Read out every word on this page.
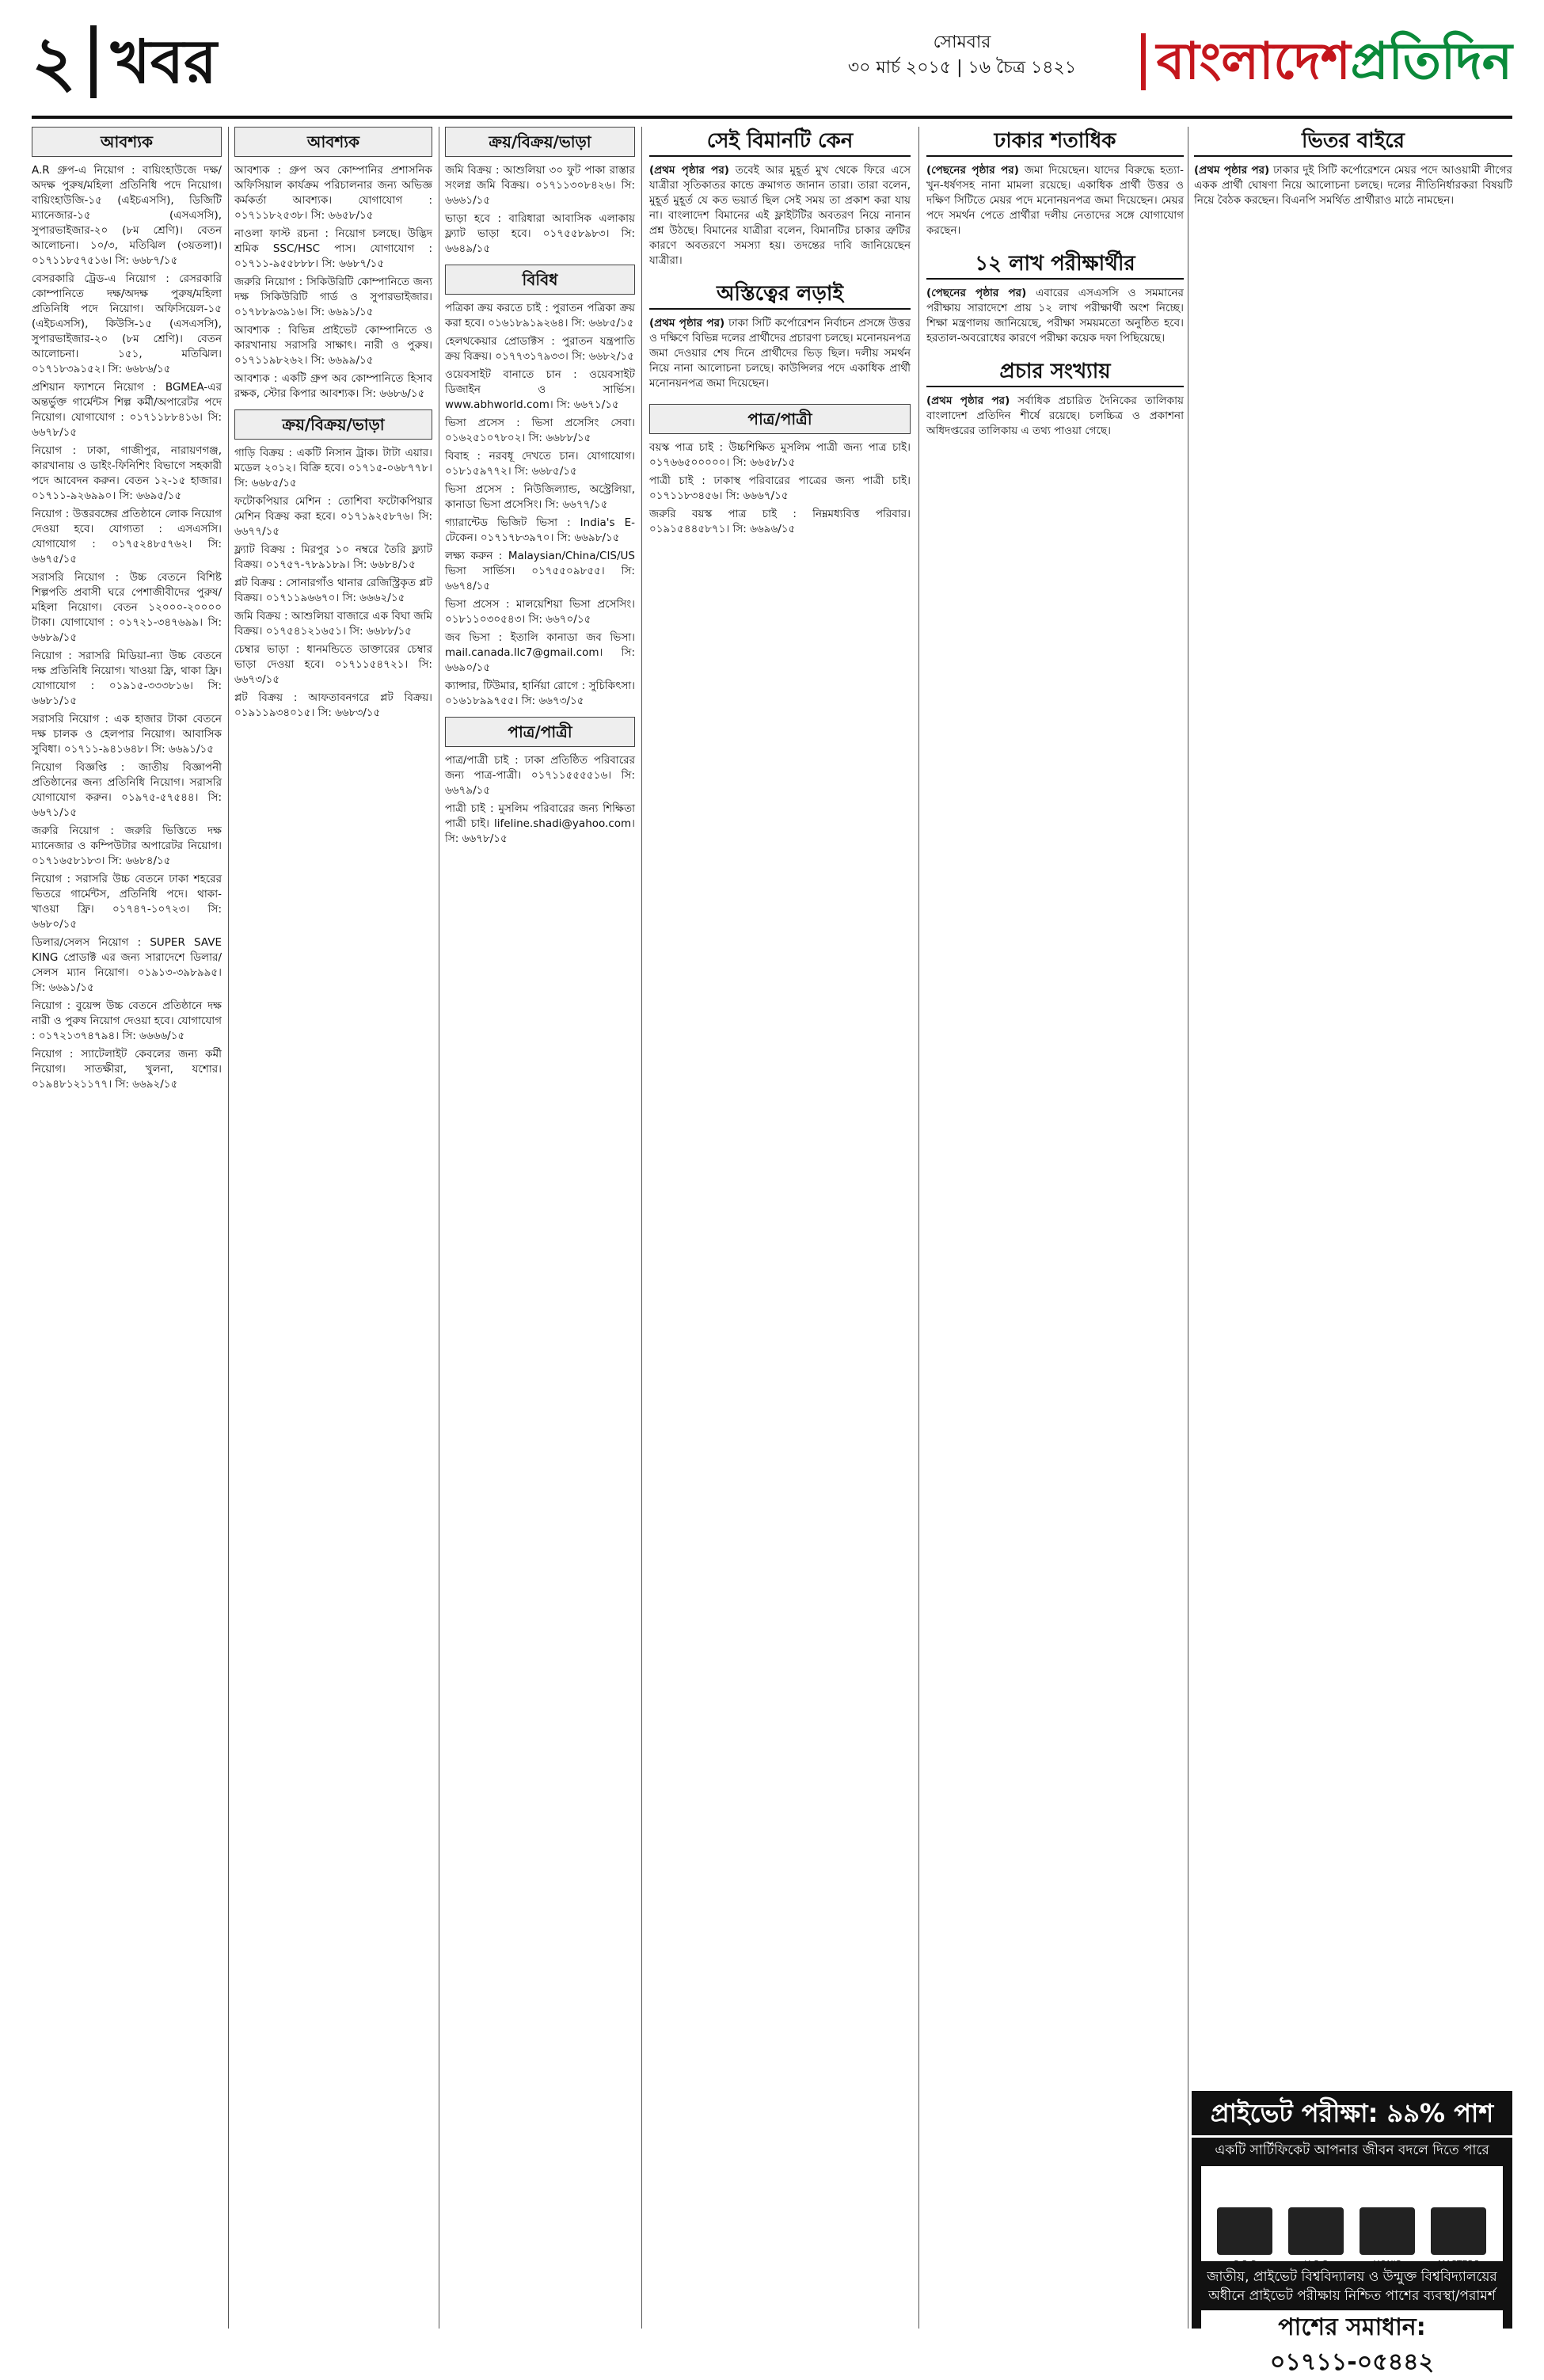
২ খবর	সোমবার
৩০ মার্চ ২০১৫ | ১৬ চৈত্র ১৪২১	বাংলাদেশপ্রতিদিন
আবশ্যক

A.R গ্রুপ-এ নিয়োগ : বায়িংহাউজে দক্ষ/অদক্ষ পুরুষ/মহিলা প্রতিনিধি পদে নিয়োগ। বায়িংহাউজি-১৫ (এইচএসসি), ডিজিটি ম্যানেজার-১৫ (এসএসসি), সুপারভাইজার-২০ (৮ম শ্রেণি)। বেতন আলোচনা। ১০/৩, মতিঝিল (৩য়তলা)। ০১৭১১৮৫৭৫১৬। সি: ৬৬৮৭/১৫

বেসরকারি ট্রেড-এ নিয়োগ : রেসরকারি কোম্পানিতে দক্ষ/অদক্ষ পুরুষ/মহিলা প্রতিনিধি পদে নিয়োগ। অফিসিয়েল-১৫ (এইচএসসি), কিউসি-১৫ (এসএসসি), সুপারভাইজার-২০ (৮ম শ্রেণি)। বেতন আলোচনা। ১৫১, মতিঝিল। ০১৭১৮৩৯১৫২। সি: ৬৬৮৬/১৫

প্রশিয়ান ফ্যাশনে নিয়োগ : BGMEA-এর অন্তর্ভুক্ত গার্মেন্টস শিল্প কর্মী/অপারেটর পদে নিয়োগ। যোগাযোগ : ০১৭১১৮৮৪১৬। সি: ৬৬৭৮/১৫

নিয়োগ : ঢাকা, গাজীপুর, নারায়ণগঞ্জ, কারখানায় ও ডাইং-ফিনিশিং বিভাগে সহকারী পদে আবেদন করুন। বেতন ১২-১৫ হাজার। ০১৭১১-৯২৬৯৯০। সি: ৬৬৯৫/১৫

নিয়োগ : উত্তরবঙ্গের প্রতিষ্ঠানে লোক নিয়োগ দেওয়া হবে। যোগ্যতা : এসএসসি। যোগাযোগ : ০১৭৫২৪৮৫৭৬২। সি: ৬৬৭৫/১৫

সরাসরি নিয়োগ : উচ্চ বেতনে বিশিষ্ট শিল্পপতি প্রবাসী ঘরে পেশাজীবীদের পুরুষ/মহিলা নিয়োগ। বেতন ১২০০০-২০০০০ টাকা। যোগাযোগ : ০১৭২১-৩৪৭৬৯৯। সি: ৬৬৮৯/১৫

নিয়োগ : সরাসরি মিডিয়া-ন্যা উচ্চ বেতনে দক্ষ প্রতিনিধি নিয়োগ। খাওয়া ফ্রি, থাকা ফ্রি। যোগাযোগ : ০১৯১৫-৩৩৩৮১৬। সি: ৬৬৮১/১৫

সরাসরি নিয়োগ : এক হাজার টাকা বেতনে দক্ষ চালক ও হেলপার নিয়োগ। আবাসিক সুবিধা। ০১৭১১-৯৪১৬৪৮। সি: ৬৬৯১/১৫

নিয়োগ বিজ্ঞপ্তি : জাতীয় বিজ্ঞাপনী প্রতিষ্ঠানের জন্য প্রতিনিধি নিয়োগ। সরাসরি যোগাযোগ করুন। ০১৯৭৫-৫৭৫৪৪। সি: ৬৬৭১/১৫

জরুরি নিয়োগ : জরুরি ভিত্তিতে দক্ষ ম্যানেজার ও কম্পিউটার অপারেটর নিয়োগ। ০১৭১৬৫৮১৮৩। সি: ৬৬৮৪/১৫

নিয়োগ : সরাসরি উচ্চ বেতনে ঢাকা শহরের ভিতরে গার্মেন্টস, প্রতিনিধি পদে। থাকা-খাওয়া ফ্রি। ০১৭৪৭-১০৭২৩। সি: ৬৬৮০/১৫

ডিলার/সেলস নিয়োগ : SUPER SAVE KING প্রোডাক্ট এর জন্য সারাদেশে ডিলার/সেলস ম্যান নিয়োগ। ০১৯১৩-৩৯৮৯৯৫। সি: ৬৬৯১/১৫

নিয়োগ : বুয়েন্স উচ্চ বেতনে প্রতিষ্ঠানে দক্ষ নারী ও পুরুষ নিয়োগ দেওয়া হবে। যোগাযোগ : ০১৭২১৩৭৪৭৯৪। সি: ৬৬৬৬/১৫

নিয়োগ : স্যাটেলাইট কেবলের জন্য কর্মী নিয়োগ। সাতক্ষীরা, খুলনা, যশোর। ০১৯৪৮১২১১৭৭। সি: ৬৬৯২/১৫

আবশ্যক

আবশ্যক : গ্রুপ অব কোম্পানির প্রশাসনিক অফিসিয়াল কার্যক্রম পরিচালনার জন্য অভিজ্ঞ কর্মকর্তা আবশ্যক। যোগাযোগ : ০১৭১১৮২৫৩৮। সি: ৬৬৫৮/১৫

নাওলা ফাস্ট রচনা : নিয়োগ চলছে। উদ্ভিদ শ্রমিক SSC/HSC পাস। যোগাযোগ : ০১৭১১-৯৫৫৮৮৮। সি: ৬৬৮৭/১৫

জরুরি নিয়োগ : সিকিউরিটি কোম্পানিতে জন্য দক্ষ সিকিউরিটি গার্ড ও সুপারভাইজার। ০১৭৮৮৯৩৯১৬। সি: ৬৬৯১/১৫

আবশ্যক : বিভিন্ন প্রাইভেট কোম্পানিতে ও কারখানায় সরাসরি সাক্ষাৎ। নারী ও পুরুষ। ০১৭১১৯৮২৬২। সি: ৬৬৯৯/১৫

আবশ্যক : একটি গ্রুপ অব কোম্পানিতে হিসাব রক্ষক, স্টোর কিপার আবশ্যক। সি: ৬৬৮৬/১৫

ক্রয়/বিক্রয়/ভাড়া

গাড়ি বিক্রয় : একটি নিসান ট্রাক। টাটা এয়ার। মডেল ২০১২। বিক্রি হবে। ০১৭১৫-০৬৮৭৭৮। সি: ৬৬৮৫/১৫

ফটোকপিয়ার মেশিন : তোশিবা ফটোকপিয়ার মেশিন বিক্রয় করা হবে। ০১৭১৯২৫৮৭৬। সি: ৬৬৭৭/১৫

ফ্ল্যাট বিক্রয় : মিরপুর ১০ নম্বরে তৈরি ফ্ল্যাট বিক্রয়। ০১৭৫৭-৭৮৯১৮৯। সি: ৬৬৮৪/১৫

প্লট বিক্রয় : সোনারগাঁও থানার রেজিস্ট্রিকৃত প্লট বিক্রয়। ০১৭১১৯৬৬৭০। সি: ৬৬৬২/১৫

জমি বিক্রয় : আশুলিয়া বাজারে এক বিঘা জমি বিক্রয়। ০১৭৫৪১২১৬৫১। সি: ৬৬৮৮/১৫

চেম্বার ভাড়া : ধানমন্ডিতে ডাক্তারের চেম্বার ভাড়া দেওয়া হবে। ০১৭১১৫৪৭২১। সি: ৬৬৭৩/১৫

প্লট বিক্রয় : আফতাবনগরে প্লট বিক্রয়। ০১৯১১৯৩৪০১৫। সি: ৬৬৮৩/১৫

ক্রয়/বিক্রয়/ভাড়া

জমি বিক্রয় : আশুলিয়া ৩০ ফুট পাকা রাস্তার সংলগ্ন জমি বিক্রয়। ০১৭১১৩০৮৪২৬। সি: ৬৬৬১/১৫

ভাড়া হবে : বারিধারা আবাসিক এলাকায় ফ্ল্যাট ভাড়া হবে। ০১৭৫৫৮৯৮৩। সি: ৬৬৪৯/১৫

বিবিধ

পত্রিকা ক্রয় করতে চাই : পুরাতন পত্রিকা ক্রয় করা হবে। ০১৬১৮৯১৯২৬৪। সি: ৬৬৮৫/১৫

হেলথকেয়ার প্রোডাক্টস : পুরাতন যন্ত্রপাতি ক্রয় বিক্রয়। ০১৭৭৩১৭৯৩৩। সি: ৬৬৮২/১৫

ওয়েবসাইট বানাতে চান : ওয়েবসাইট ডিজাইন ও সার্ভিস। www.abhworld.com। সি: ৬৬৭১/১৫

ভিসা প্রসেস : ভিসা প্রসেসিং সেবা। ০১৬২৫১০৭৮০২। সি: ৬৬৮৮/১৫

বিবাহ : নরবধূ দেখতে চান। যোগাযোগ। ০১৮১৫৯৭৭২। সি: ৬৬৮৫/১৫

ভিসা প্রসেস : নিউজিল্যান্ড, অস্ট্রেলিয়া, কানাডা ভিসা প্রসেসিং। সি: ৬৬৭৭/১৫

গ্যারান্টেড ভিজিট ভিসা : India's E-টেকেন। ০১৭১৭৮৩৯৭০। সি: ৬৬৯৮/১৫

লক্ষ্য করুন : Malaysian/China/CIS/US ভিসা সার্ভিস। ০১৭৫৫০৯৮৫৫। সি: ৬৬৭৪/১৫

ভিসা প্রসেস : মালয়েশিয়া ভিসা প্রসেসিং। ০১৮১১০৩০৫৪৩। সি: ৬৬৭০/১৫

জব ভিসা : ইতালি কানাডা জব ভিসা। mail.canada.llc7@gmail.com। সি: ৬৬৯০/১৫

ক্যান্সার, টিউমার, হার্নিয়া রোগে : সুচিকিৎসা। ০১৬১৮৯৯৭৫৫। সি: ৬৬৭৩/১৫

পাত্র/পাত্রী

পাত্র/পাত্রী চাই : ঢাকা প্রতিষ্ঠিত পরিবারের জন্য পাত্র-পাত্রী। ০১৭১১৫৫৫৫১৬। সি: ৬৬৭৯/১৫

পাত্রী চাই : মুসলিম পরিবারের জন্য শিক্ষিতা পাত্রী চাই। lifeline.shadi@yahoo.com। সি: ৬৬৭৮/১৫

সেই বিমানটি কেন
(প্রথম পৃষ্ঠার পর) তবেই আর মুহূর্ত মুখ থেকে ফিরে এসে যাত্রীরা সৃতিকাতর কান্ডে ক্রমাগত জানান তারা। তারা বলেন, মুহূর্ত মুহূর্ত যে কত ভয়ার্ত ছিল সেই সময় তা প্রকাশ করা যায় না। বাংলাদেশ বিমানের এই ফ্লাইটটির অবতরণ নিয়ে নানান প্রশ্ন উঠছে। বিমানের যাত্রীরা বলেন, বিমানটির চাকার ত্রুটির কারণে অবতরণে সমস্যা হয়। তদন্তের দাবি জানিয়েছেন যাত্রীরা।
অস্তিত্বের লড়াই
(প্রথম পৃষ্ঠার পর) ঢাকা সিটি কর্পোরেশন নির্বাচন প্রসঙ্গে উত্তর ও দক্ষিণে বিভিন্ন দলের প্রার্থীদের প্রচারণা চলছে। মনোনয়নপত্র জমা দেওয়ার শেষ দিনে প্রার্থীদের ভিড় ছিল। দলীয় সমর্থন নিয়ে নানা আলোচনা চলছে। কাউন্সিলর পদে একাধিক প্রার্থী মনোনয়নপত্র জমা দিয়েছেন।
পাত্র/পাত্রী

বয়স্ক পাত্র চাই : উচ্চশিক্ষিত মুসলিম পাত্রী জন্য পাত্র চাই। ০১৭৬৬৫০০০০০। সি: ৬৬৫৮/১৫

পাত্রী চাই : ঢাকাস্থ পরিবারের পাত্রের জন্য পাত্রী চাই। ০১৭১১৮৩৪৫৬। সি: ৬৬৬৭/১৫

জরুরি বয়স্ক পাত্র চাই : নিম্নমধ্যবিত্ত পরিবার। ০১৯১৫৪৪৫৮৭১। সি: ৬৬৯৬/১৫

ঢাকার শতাধিক
(পেছনের পৃষ্ঠার পর) জমা দিয়েছেন। যাদের বিরুদ্ধে হত্যা-খুন-ধর্ষণসহ নানা মামলা রয়েছে। একাধিক প্রার্থী উত্তর ও দক্ষিণ সিটিতে মেয়র পদে মনোনয়নপত্র জমা দিয়েছেন। মেয়র পদে সমর্থন পেতে প্রার্থীরা দলীয় নেতাদের সঙ্গে যোগাযোগ করছেন।
১২ লাখ পরীক্ষার্থীর
(পেছনের পৃষ্ঠার পর) এবারের এসএসসি ও সমমানের পরীক্ষায় সারাদেশে প্রায় ১২ লাখ পরীক্ষার্থী অংশ নিচ্ছে। শিক্ষা মন্ত্রণালয় জানিয়েছে, পরীক্ষা সময়মতো অনুষ্ঠিত হবে। হরতাল-অবরোধের কারণে পরীক্ষা কয়েক দফা পিছিয়েছে।
প্রচার সংখ্যায়
(প্রথম পৃষ্ঠার পর) সর্বাধিক প্রচারিত দৈনিকের তালিকায় বাংলাদেশ প্রতিদিন শীর্ষে রয়েছে। চলচ্চিত্র ও প্রকাশনা অধিদপ্তরের তালিকায় এ তথ্য পাওয়া গেছে।
ভিতর বাইরে
(প্রথম পৃষ্ঠার পর) ঢাকার দুই সিটি কর্পোরেশনে মেয়র পদে আওয়ামী লীগের একক প্রার্থী ঘোষণা নিয়ে আলোচনা চলছে। দলের নীতিনির্ধারকরা বিষয়টি নিয়ে বৈঠক করছেন। বিএনপি সমর্থিত প্রার্থীরাও মাঠে নামছেন।
প্রাইভেট পরীক্ষা: ৯৯% পাশ
একটি সার্টিফিকেট আপনার জীবন বদলে দিতে পারে
S.S.C	H.S.C	HON'S	MASTERS
জাতীয়, প্রাইভেট বিশ্ববিদ্যালয় ও উন্মুক্ত বিশ্ববিদ্যালয়ের
অধীনে প্রাইভেট পরীক্ষায় নিশ্চিত পাশের ব্যবস্থা/পরামর্শ
পাশের সমাধান: ০১৭১১-০৫৪৪২
